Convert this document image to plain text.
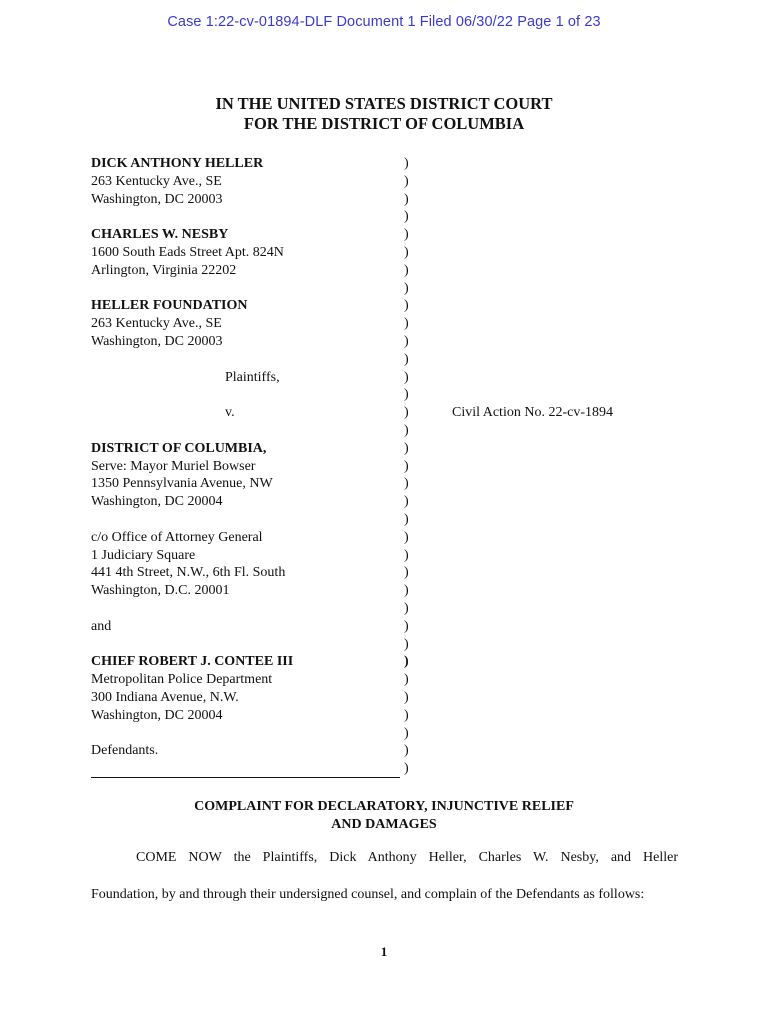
Case 1:22-cv-01894-DLF Document 1 Filed 06/30/22 Page 1 of 23
IN THE UNITED STATES DISTRICT COURT
FOR THE DISTRICT OF COLUMBIA
DICK ANTHONY HELLER
263 Kentucky Ave., SE
Washington, DC 20003
CHARLES W. NESBY
1600 South Eads Street Apt. 824N
Arlington, Virginia 22202
HELLER FOUNDATION
263 Kentucky Ave., SE
Washington, DC 20003
Plaintiffs,
v.
DISTRICT OF COLUMBIA,
Serve: Mayor Muriel Bowser
1350 Pennsylvania Avenue, NW
Washington, DC 20004
c/o Office of Attorney General
1 Judiciary Square
441 4th Street, N.W., 6th Fl. South
Washington, D.C. 20001
and
CHIEF ROBERT J. CONTEE III
Metropolitan Police Department
300 Indiana Avenue, N.W.
Washington, DC 20004
Defendants.
)
)
)
)
)
)
)
)
)
)
)
)
)
)
)
)
)
)
)
)
)
)
)
)
)
)
)
)
)
)
)
)
)
)
)
Civil Action No. 22-cv-1894
COMPLAINT FOR DECLARATORY, INJUNCTIVE RELIEF
AND DAMAGES
COME NOW the Plaintiffs, Dick Anthony Heller, Charles W. Nesby, and Heller
Foundation, by and through their undersigned counsel, and complain of the Defendants as follows:
1
